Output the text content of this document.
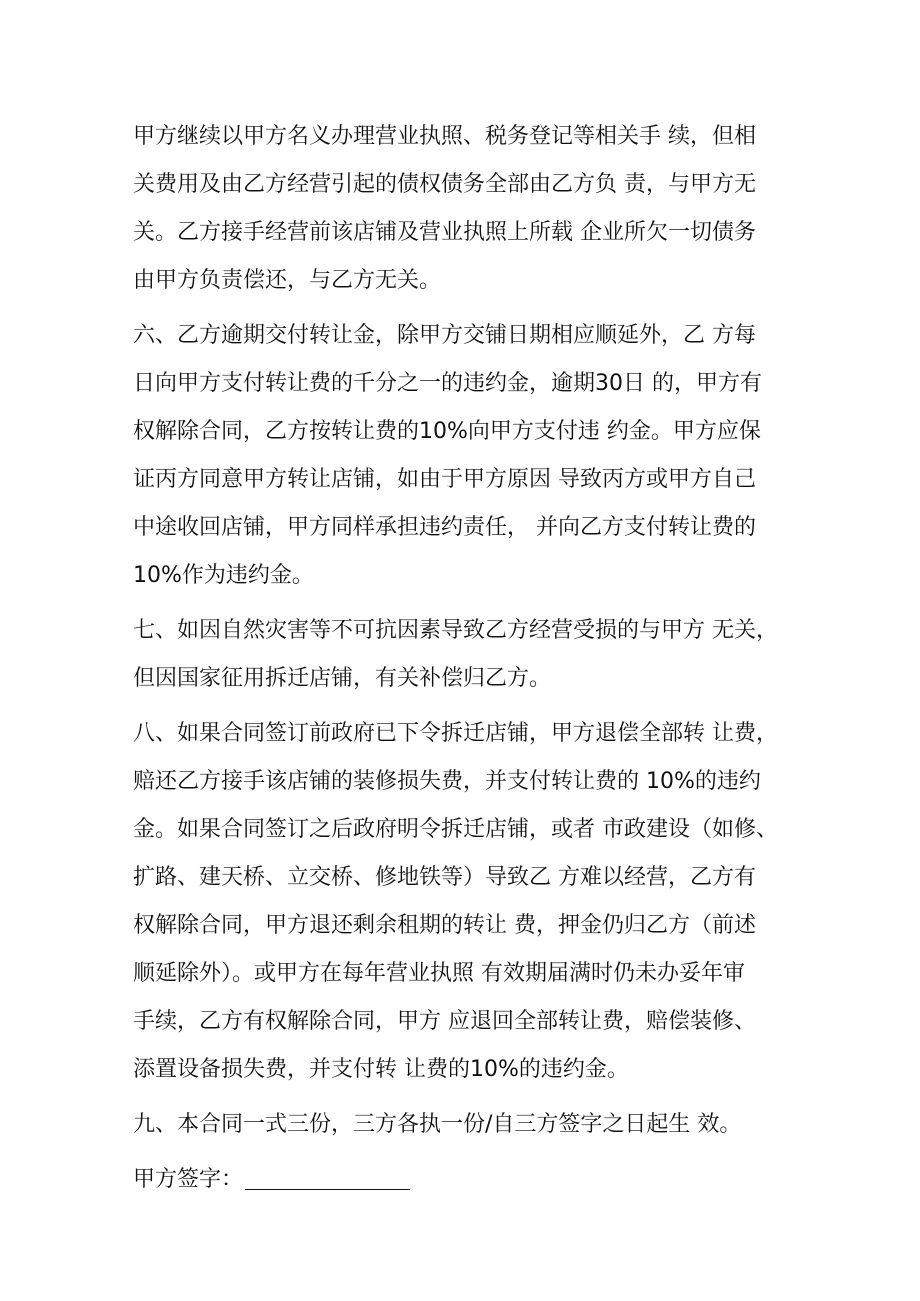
甲方继续以甲方名义办理营业执照、税务登记等相关手 续，但相

关费用及由乙方经营引起的债权债务全部由乙方负 责，与甲方无

关。乙方接手经营前该店铺及营业执照上所载 企业所欠一切债务

由甲方负责偿还，与乙方无关。

六、乙方逾期交付转让金，除甲方交铺日期相应顺延外，乙 方每

日向甲方支付转让费的千分之一的违约金，逾期30日 的，甲方有

权解除合同，乙方按转让费的10%向甲方支付违 约金。甲方应保

证丙方同意甲方转让店铺，如由于甲方原因 导致丙方或甲方自己

中途收回店铺，甲方同样承担违约责任， 并向乙方支付转让费的

10%作为违约金。

七、如因自然灾害等不可抗因素导致乙方经营受损的与甲方 无关，

但因国家征用拆迁店铺，有关补偿归乙方。

八、如果合同签订前政府已下令拆迁店铺，甲方退偿全部转 让费，

赔还乙方接手该店铺的装修损失费，并支付转让费的 10%的违约

金。如果合同签订之后政府明令拆迁店铺，或者 市政建设（如修、

扩路、建天桥、立交桥、修地铁等）导致乙 方难以经营，乙方有

权解除合同，甲方退还剩余租期的转让 费，押金仍归乙方（前述

顺延除外）。或甲方在每年营业执照 有效期届满时仍未办妥年审

手续，乙方有权解除合同，甲方 应退回全部转让费，赔偿装修、

添置设备损失费，并支付转 让费的10%的违约金。

九、本合同一式三份，三方各执一份/自三方签字之日起生 效。

甲方签字：
